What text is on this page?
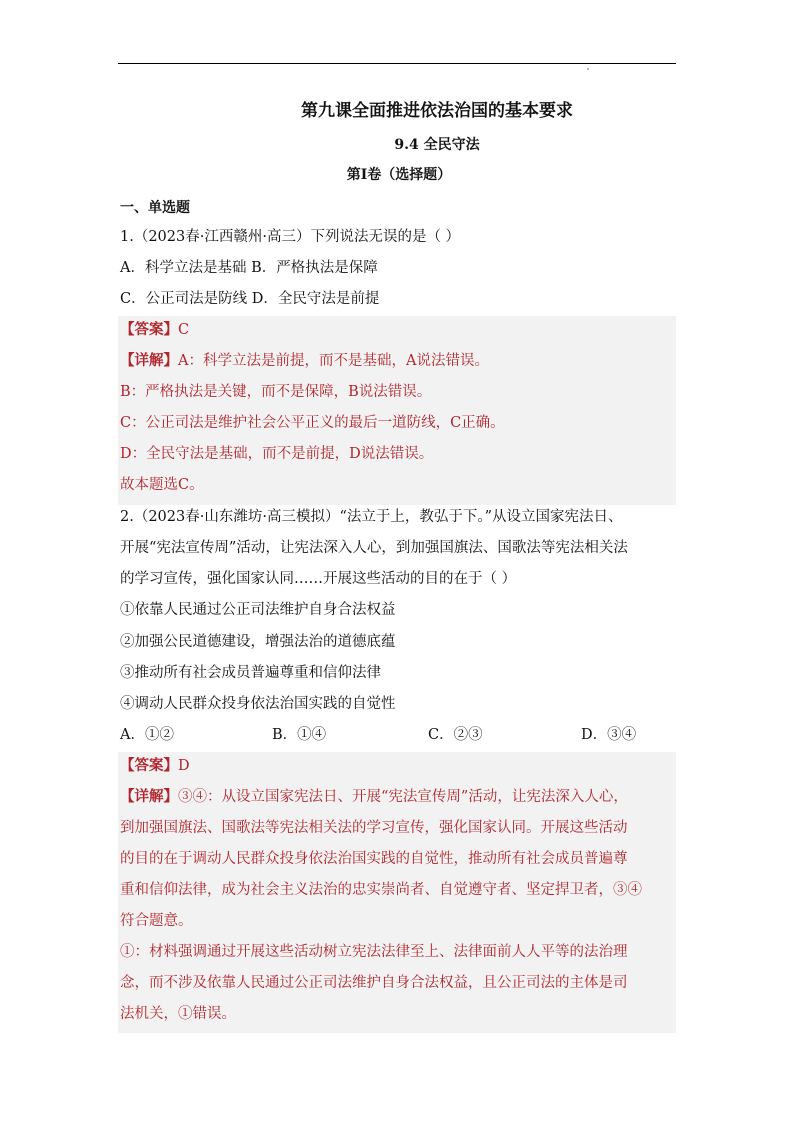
第九课全面推进依法治国的基本要求
9.4 全民守法
第I卷（选择题）
一、单选题
1.（2023春·江西赣州·高三）下列说法无误的是（ ）
A．科学立法是基础 B．严格执法是保障
C．公正司法是防线 D．全民守法是前提
【答案】C
【详解】A：科学立法是前提，而不是基础，A说法错误。
B：严格执法是关键，而不是保障，B说法错误。
C：公正司法是维护社会公平正义的最后一道防线，C正确。
D：全民守法是基础，而不是前提，D说法错误。
故本题选C。
2.（2023春·山东潍坊·高三模拟）“法立于上，教弘于下。”从设立国家宪法日、
开展“宪法宣传周”活动，让宪法深入人心，到加强国旗法、国歌法等宪法相关法
的学习宣传，强化国家认同……开展这些活动的目的在于（ ）
①依靠人民通过公正司法维护自身合法权益
②加强公民道德建设，增强法治的道德底蕴
③推动所有社会成员普遍尊重和信仰法律
④调动人民群众投身依法治国实践的自觉性
A．①②	B．①④	C．②③	D．③④
【答案】D
【详解】③④：从设立国家宪法日、开展“宪法宣传周”活动，让宪法深入人心，
到加强国旗法、国歌法等宪法相关法的学习宣传，强化国家认同。开展这些活动
的目的在于调动人民群众投身依法治国实践的自觉性，推动所有社会成员普遍尊
重和信仰法律，成为社会主义法治的忠实崇尚者、自觉遵守者、坚定捍卫者，③④
符合题意。
①：材料强调通过开展这些活动树立宪法法律至上、法律面前人人平等的法治理
念，而不涉及依靠人民通过公正司法维护自身合法权益，且公正司法的主体是司
法机关，①错误。
